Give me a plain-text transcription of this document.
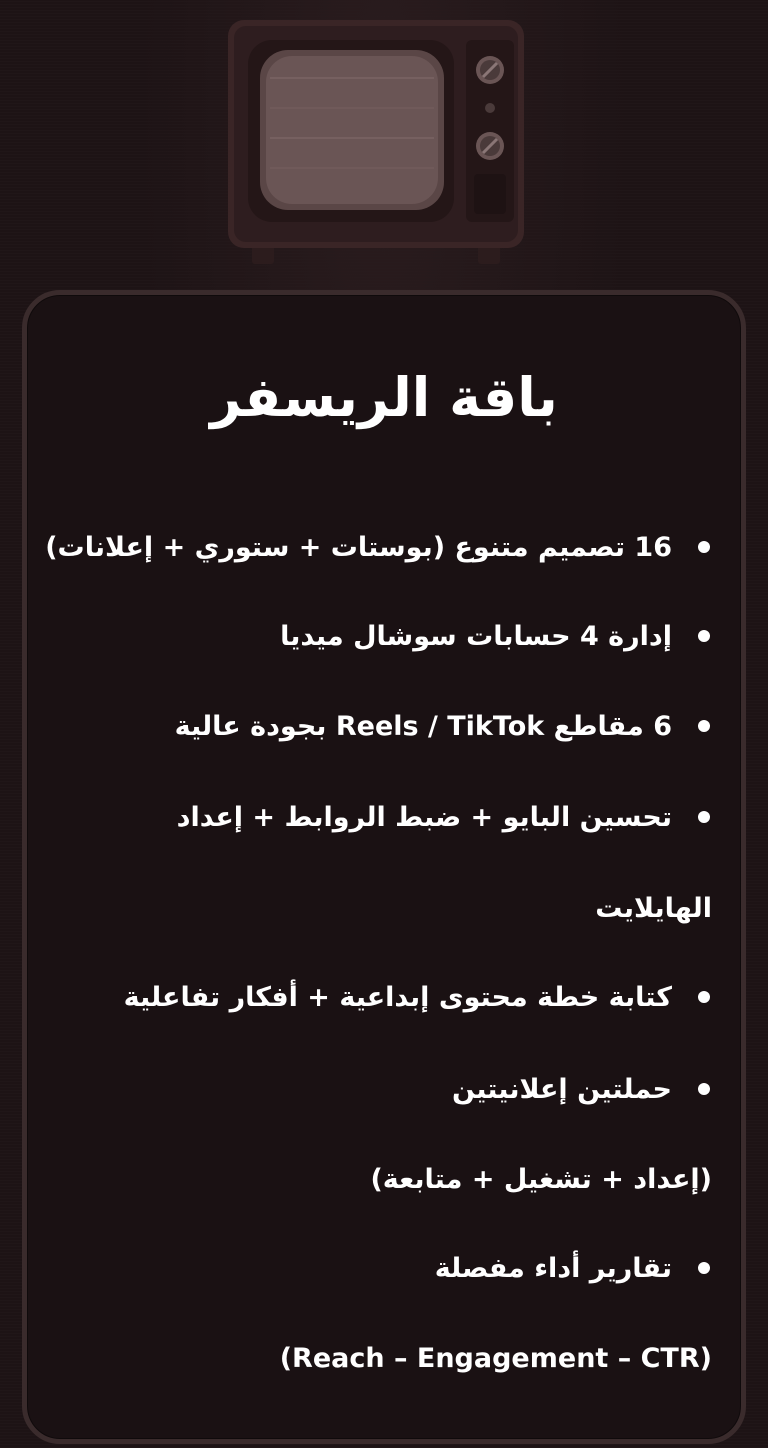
باقة الريسفر
16 تصميم متنوع (بوستات + ستوري + إعلانات)
إدارة 4 حسابات سوشال ميديا
6 مقاطع Reels / TikTok بجودة عالية
تحسين البايو + ضبط الروابط + إعداد
الهايلايت
كتابة خطة محتوى إبداعية + أفكار تفاعلية
حملتين إعلانيتين
(إعداد + تشغيل + متابعة)
تقارير أداء مفصلة
(Reach – Engagement – CTR)
